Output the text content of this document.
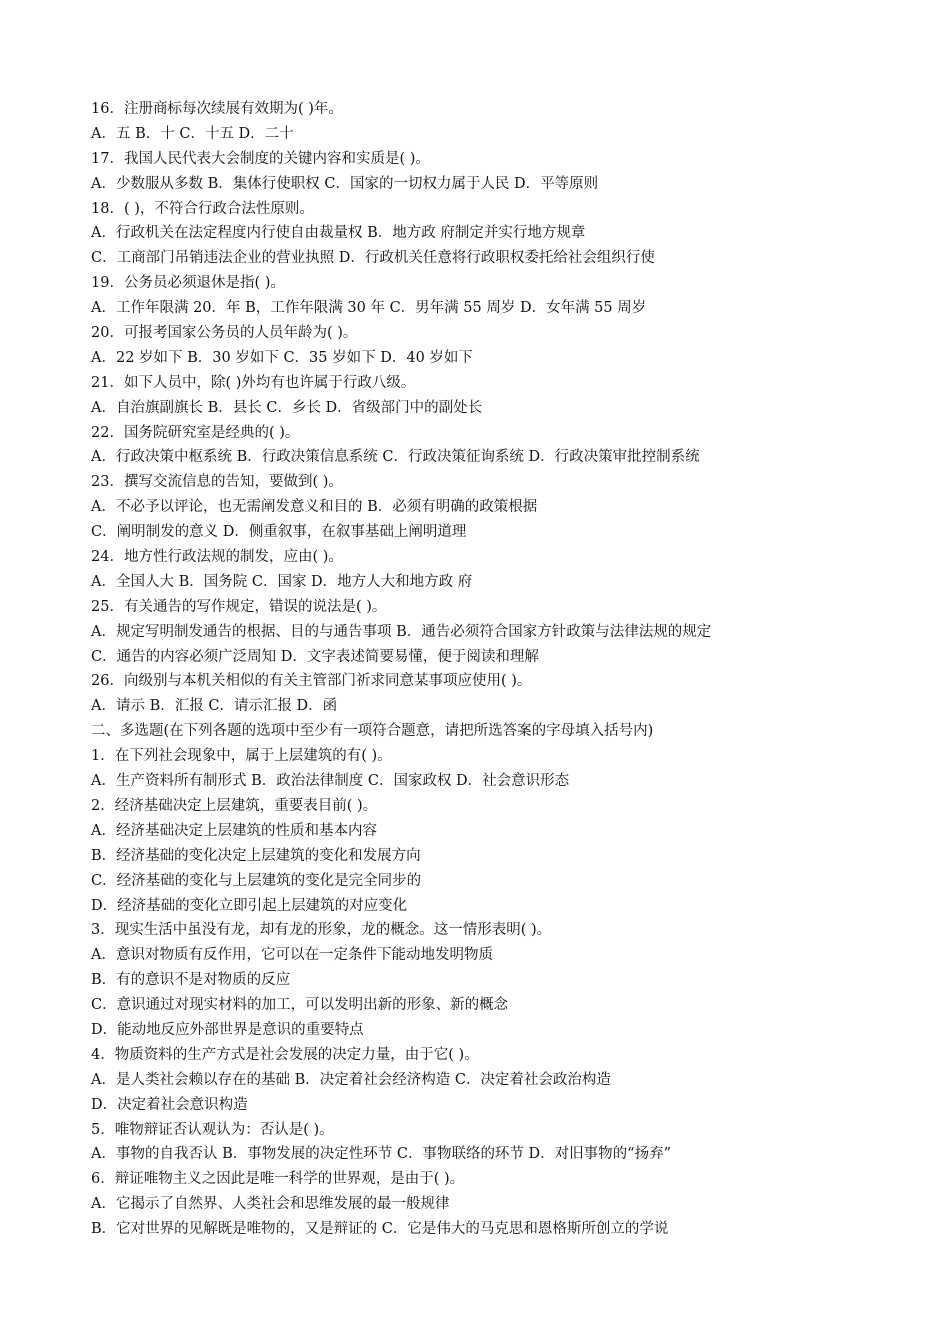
16．注册商标每次续展有效期为( )年。
A．五 B．十 C．十五 D．二十
17．我国人民代表大会制度的关键内容和实质是( )。
A．少数服从多数 B．集体行使职权 C．国家的一切权力属于人民 D．平等原则
18．( )，不符合行政合法性原则。
A．行政机关在法定程度内行使自由裁量权 B．地方政 府制定并实行地方规章
C．工商部门吊销违法企业的营业执照 D．行政机关任意将行政职权委托给社会组织行使
19．公务员必须退休是指( )。
A．工作年限满 20．年 B，工作年限满 30 年 C．男年满 55 周岁 D．女年满 55 周岁
20．可报考国家公务员的人员年龄为( )。
A．22 岁如下 B．30 岁如下 C．35 岁如下 D．40 岁如下
21．如下人员中，除( )外均有也许属于行政八级。
A．自治旗副旗长 B．县长 C．乡长 D．省级部门中的副处长
22．国务院研究室是经典的( )。
A．行政决策中枢系统 B．行政决策信息系统 C．行政决策征询系统 D．行政决策审批控制系统
23．撰写交流信息的告知，要做到( )。
A．不必予以评论，也无需阐发意义和目的 B．必须有明确的政策根据
C．阐明制发的意义 D．侧重叙事，在叙事基础上阐明道理
24．地方性行政法规的制发，应由( )。
A．全国人大 B．国务院 C．国家 D．地方人大和地方政 府
25．有关通告的写作规定，错误的说法是( )。
A．规定写明制发通告的根据、目的与通告事项 B．通告必须符合国家方针政策与法律法规的规定
C．通告的内容必须广泛周知 D．文字表述简要易懂，便于阅读和理解
26．向级别与本机关相似的有关主管部门祈求同意某事项应使用( )。
A．请示 B．汇报 C．请示汇报 D．函
二、多选题(在下列各题的选项中至少有一项符合题意，请把所选答案的字母填入括号内)
1．在下列社会现象中，属于上层建筑的有( )。
A．生产资料所有制形式 B．政治法律制度 C．国家政权 D．社会意识形态
2．经济基础决定上层建筑，重要表目前( )。
A．经济基础决定上层建筑的性质和基本内容
B．经济基础的变化决定上层建筑的变化和发展方向
C．经济基础的变化与上层建筑的变化是完全同步的
D．经济基础的变化立即引起上层建筑的对应变化
3．现实生活中虽没有龙，却有龙的形象，龙的概念。这一情形表明( )。
A．意识对物质有反作用，它可以在一定条件下能动地发明物质
B．有的意识不是对物质的反应
C．意识通过对现实材料的加工，可以发明出新的形象、新的概念
D．能动地反应外部世界是意识的重要特点
4．物质资料的生产方式是社会发展的决定力量，由于它( )。
A．是人类社会赖以存在的基础 B．决定着社会经济构造 C．决定着社会政治构造
D．决定着社会意识构造
5．唯物辩证否认观认为：否认是( )。
A．事物的自我否认 B．事物发展的决定性环节 C．事物联络的环节 D．对旧事物的“扬弃”
6．辩证唯物主义之因此是唯一科学的世界观，是由于( )。
A．它揭示了自然界、人类社会和思维发展的最一般规律
B．它对世界的见解既是唯物的，又是辩证的 C．它是伟大的马克思和恩格斯所创立的学说
